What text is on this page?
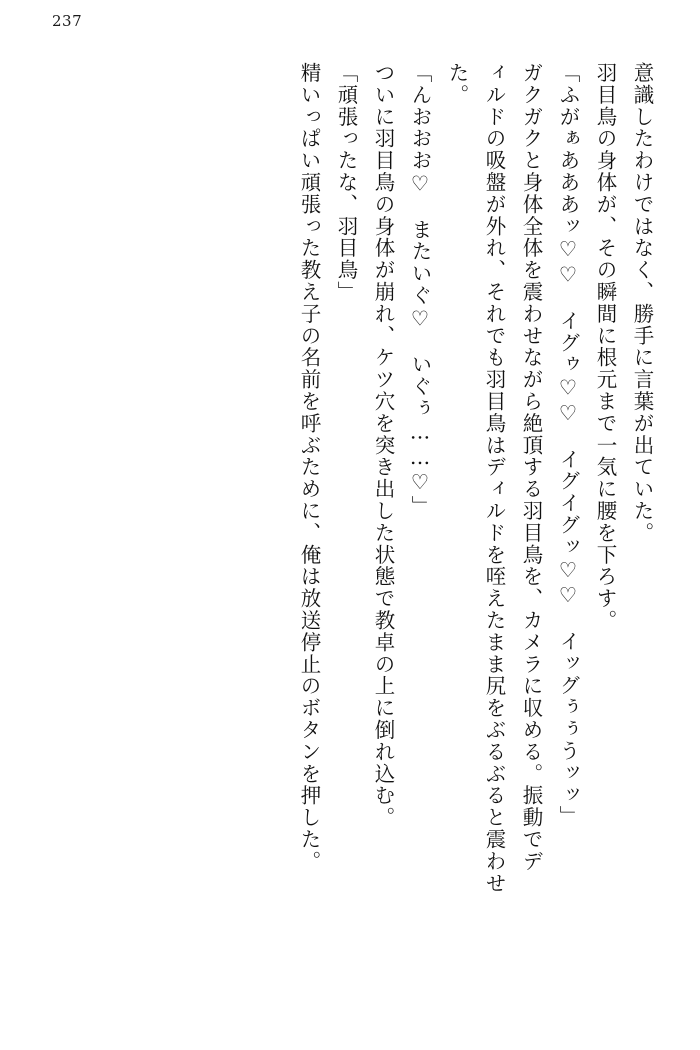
237
意識したわけではなく、勝手に言葉が出ていた。
羽目鳥の身体が、その瞬間に根元まで一気に腰を下ろす。
「ふがぁあああッ♡♡　イグゥ♡♡　イグイグッ♡♡　イッグぅぅうッッ」
ガクガクと身体全体を震わせながら絶頂する羽目鳥を、カメラに収める。振動でデ
ィルドの吸盤が外れ、それでも羽目鳥はディルドを咥えたまま尻をぶるぶると震わせ
た。
「んおおお♡　またいぐ♡　いぐぅ……♡」
ついに羽目鳥の身体が崩れ、ケツ穴を突き出した状態で教卓の上に倒れ込む。
「頑張ったな、羽目鳥」
精いっぱい頑張った教え子の名前を呼ぶために、俺は放送停止のボタンを押した。
